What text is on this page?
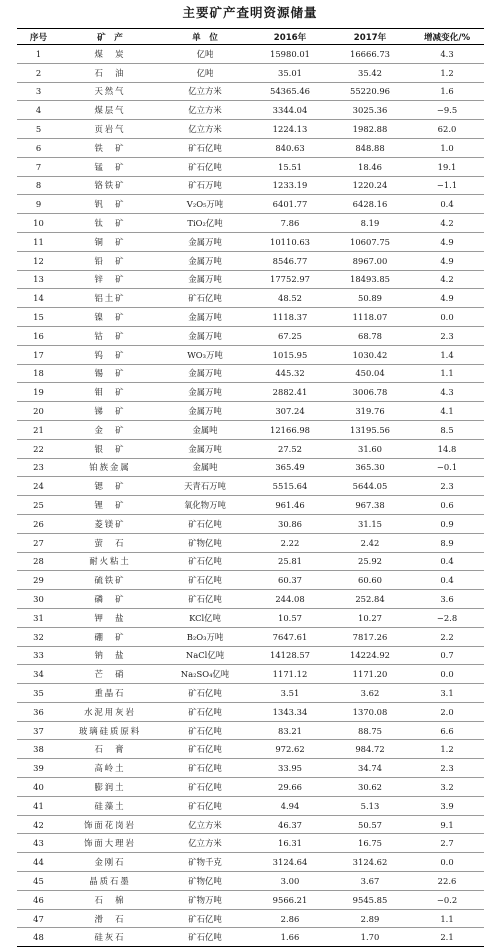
主要矿产查明资源储量
序号	矿　产	单　位	2016年	2017年	增减变化/%
1	煤　炭	亿吨	15980.01	16666.73	4.3
2	石　油	亿吨	35.01	35.42	1.2
3	天然气	亿立方米	54365.46	55220.96	1.6
4	煤层气	亿立方米	3344.04	3025.36	−9.5
5	页岩气	亿立方米	1224.13	1982.88	62.0
6	铁　矿	矿石亿吨	840.63	848.88	1.0
7	锰　矿	矿石亿吨	15.51	18.46	19.1
8	铬铁矿	矿石万吨	1233.19	1220.24	−1.1
9	钒　矿	V₂O₅万吨	6401.77	6428.16	0.4
10	钛　矿	TiO₂亿吨	7.86	8.19	4.2
11	铜　矿	金属万吨	10110.63	10607.75	4.9
12	铅　矿	金属万吨	8546.77	8967.00	4.9
13	锌　矿	金属万吨	17752.97	18493.85	4.2
14	铝土矿	矿石亿吨	48.52	50.89	4.9
15	镍　矿	金属万吨	1118.37	1118.07	0.0
16	钴　矿	金属万吨	67.25	68.78	2.3
17	钨　矿	WO₃万吨	1015.95	1030.42	1.4
18	锡　矿	金属万吨	445.32	450.04	1.1
19	钼　矿	金属万吨	2882.41	3006.78	4.3
20	锑　矿	金属万吨	307.24	319.76	4.1
21	金　矿	金属吨	12166.98	13195.56	8.5
22	银　矿	金属万吨	27.52	31.60	14.8
23	铂族金属	金属吨	365.49	365.30	−0.1
24	锶　矿	天青石万吨	5515.64	5644.05	2.3
25	锂　矿	氧化物万吨	961.46	967.38	0.6
26	菱镁矿	矿石亿吨	30.86	31.15	0.9
27	萤　石	矿物亿吨	2.22	2.42	8.9
28	耐火粘土	矿石亿吨	25.81	25.92	0.4
29	硫铁矿	矿石亿吨	60.37	60.60	0.4
30	磷　矿	矿石亿吨	244.08	252.84	3.6
31	钾　盐	KCl亿吨	10.57	10.27	−2.8
32	硼　矿	B₂O₃万吨	7647.61	7817.26	2.2
33	钠　盐	NaCl亿吨	14128.57	14224.92	0.7
34	芒　硝	Na₂SO₄亿吨	1171.12	1171.20	0.0
35	重晶石	矿石亿吨	3.51	3.62	3.1
36	水泥用灰岩	矿石亿吨	1343.34	1370.08	2.0
37	玻璃硅质原料	矿石亿吨	83.21	88.75	6.6
38	石　膏	矿石亿吨	972.62	984.72	1.2
39	高岭土	矿石亿吨	33.95	34.74	2.3
40	膨润土	矿石亿吨	29.66	30.62	3.2
41	硅藻土	矿石亿吨	4.94	5.13	3.9
42	饰面花岗岩	亿立方米	46.37	50.57	9.1
43	饰面大理岩	亿立方米	16.31	16.75	2.7
44	金刚石	矿物千克	3124.64	3124.62	0.0
45	晶质石墨	矿物亿吨	3.00	3.67	22.6
46	石　棉	矿物万吨	9566.21	9545.85	−0.2
47	滑　石	矿石亿吨	2.86	2.89	1.1
48	硅灰石	矿石亿吨	1.66	1.70	2.1
